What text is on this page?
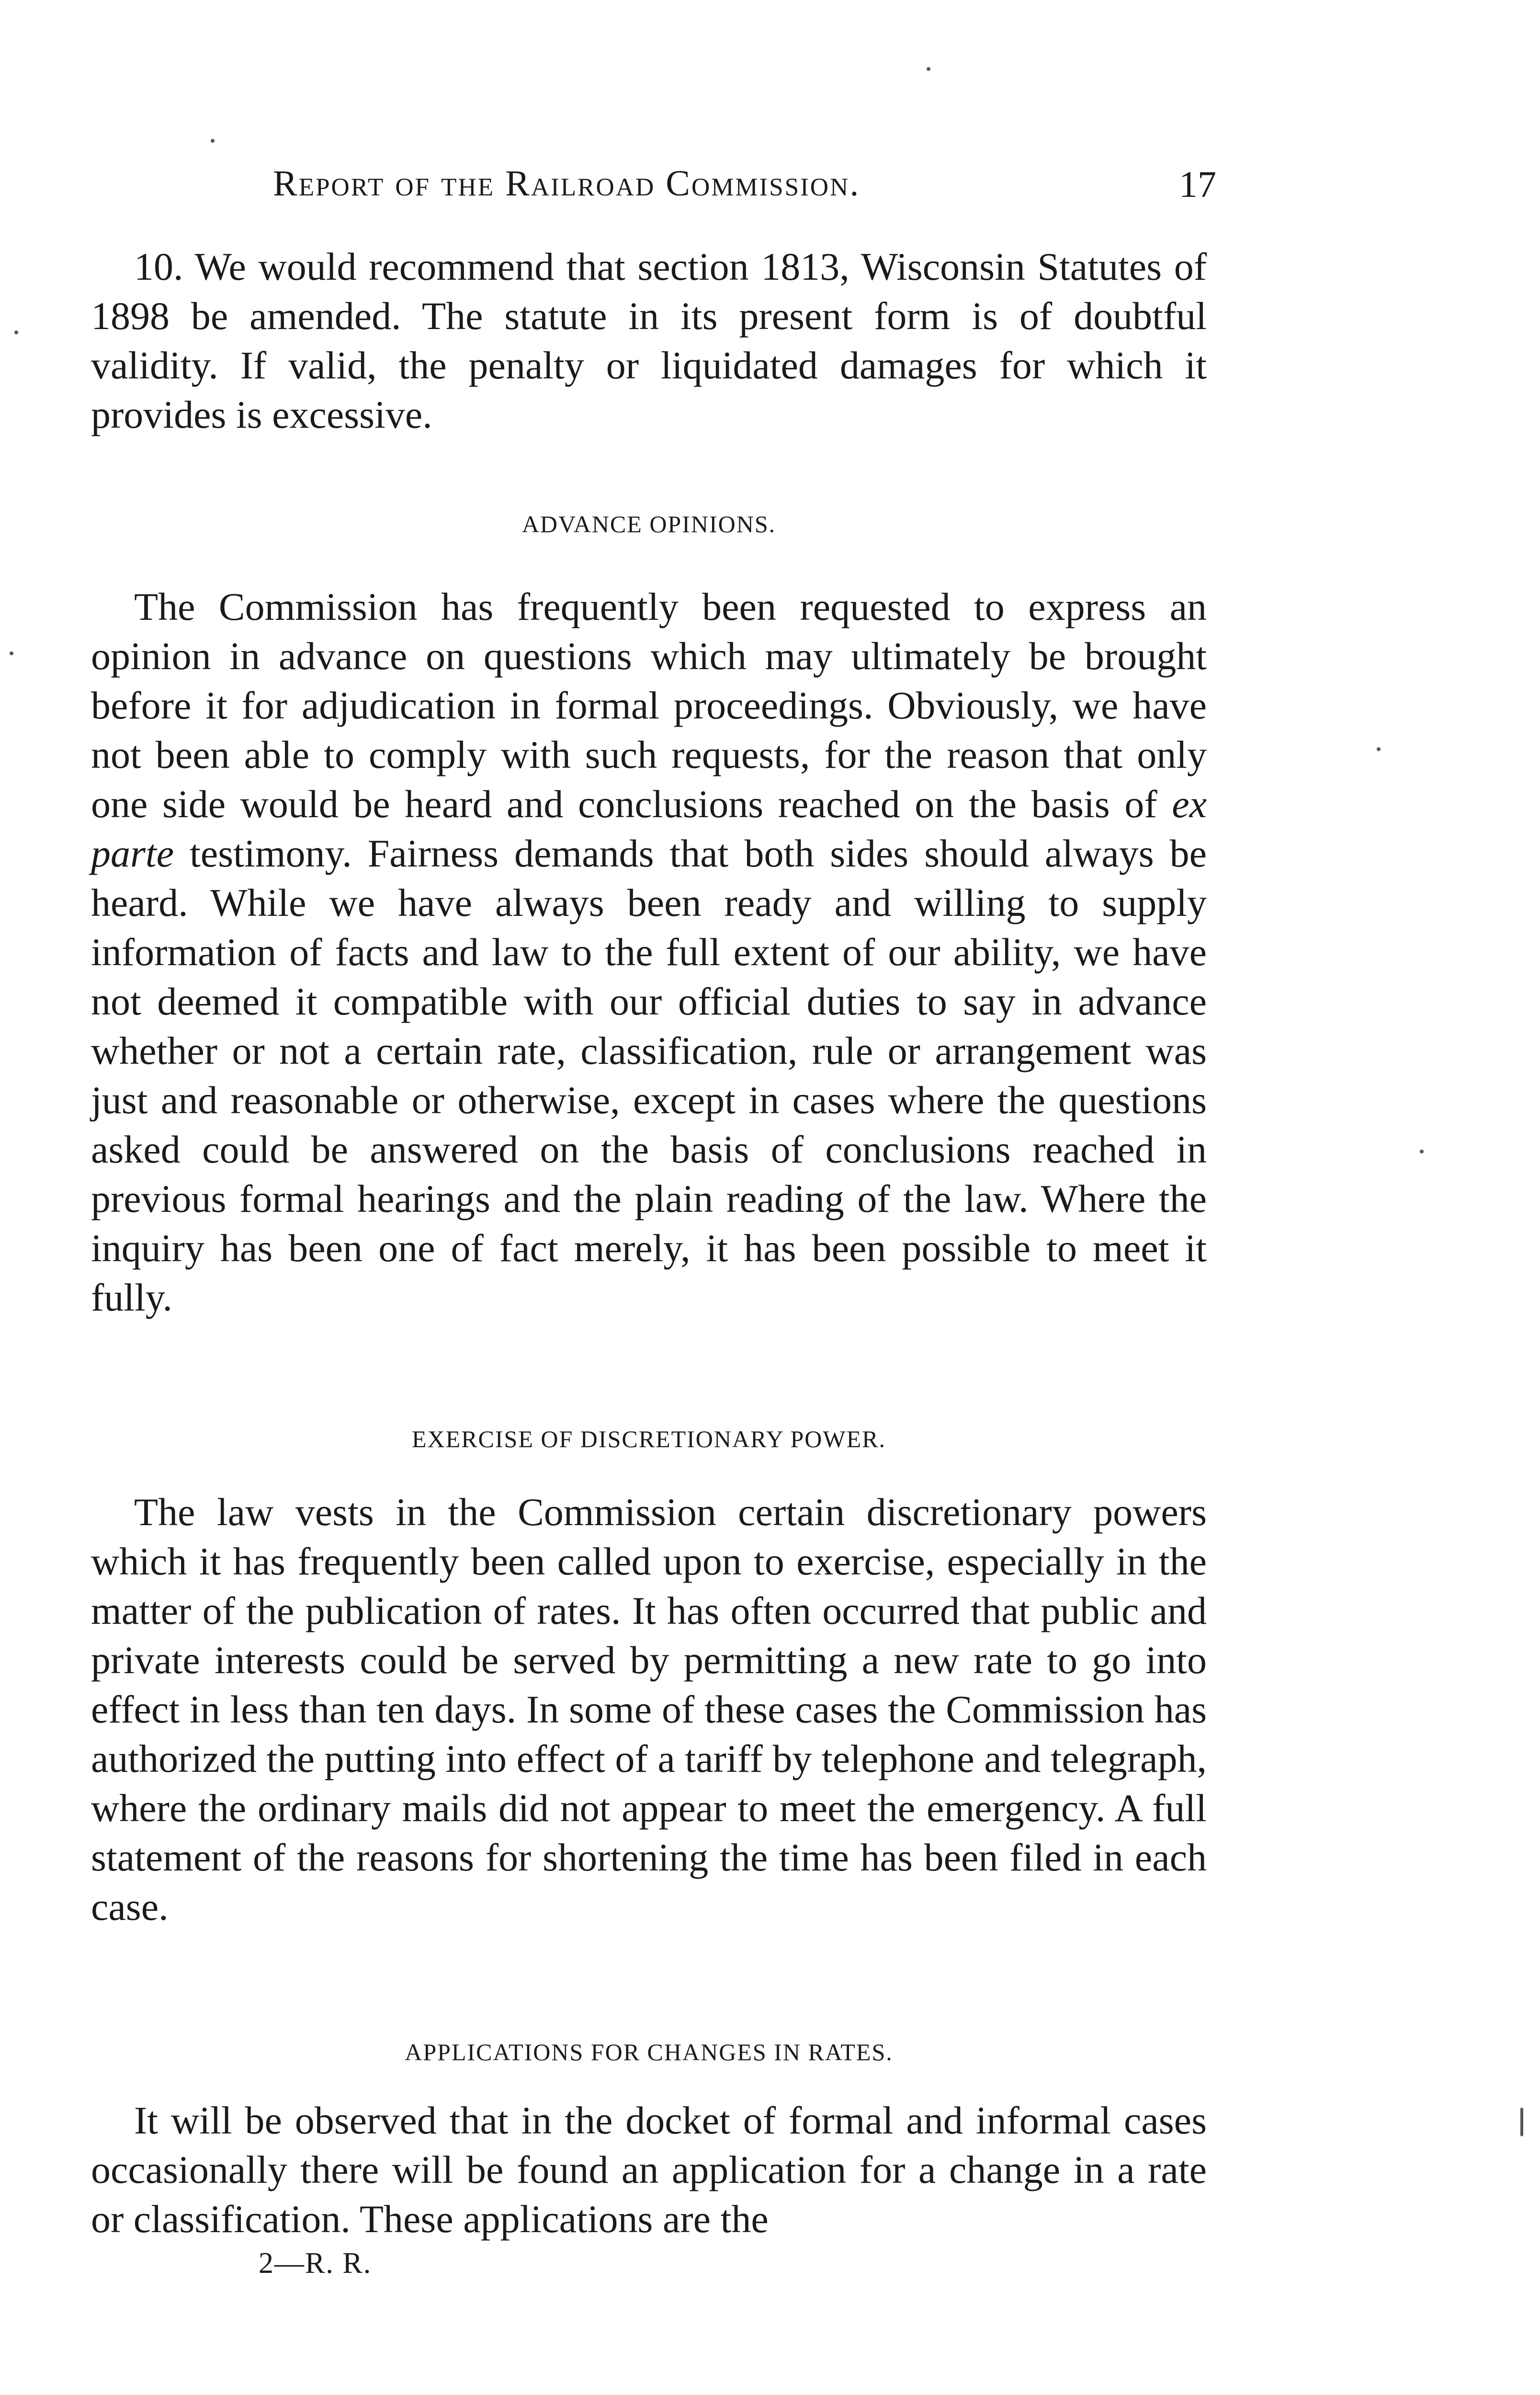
Report of the Railroad Commission.	17

10. We would recommend that section 1813, Wisconsin Statutes of 1898 be amended. The statute in its present form is of doubtful validity. If valid, the penalty or liquidated damages for which it provides is excessive.

ADVANCE OPINIONS.

The Commission has frequently been requested to express an opinion in advance on questions which may ultimately be brought before it for adjudication in formal proceedings. Obviously, we have not been able to comply with such requests, for the reason that only one side would be heard and conclusions reached on the basis of ex parte testimony. Fairness demands that both sides should always be heard. While we have always been ready and willing to supply information of facts and law to the full extent of our ability, we have not deemed it compatible with our official duties to say in advance whether or not a certain rate, classification, rule or arrangement was just and reasonable or otherwise, except in cases where the questions asked could be answered on the basis of conclusions reached in previous formal hearings and the plain reading of the law. Where the inquiry has been one of fact merely, it has been possible to meet it fully.

EXERCISE OF DISCRETIONARY POWER.

The law vests in the Commission certain discretionary powers which it has frequently been called upon to exercise, especially in the matter of the publication of rates. It has often occurred that public and private interests could be served by permitting a new rate to go into effect in less than ten days. In some of these cases the Commission has authorized the putting into effect of a tariff by telephone and telegraph, where the ordinary mails did not appear to meet the emergency. A full statement of the reasons for shortening the time has been filed in each case.

APPLICATIONS FOR CHANGES IN RATES.

It will be observed that in the docket of formal and informal cases occasionally there will be found an application for a change in a rate or classification. These applications are the

2—R. R.
